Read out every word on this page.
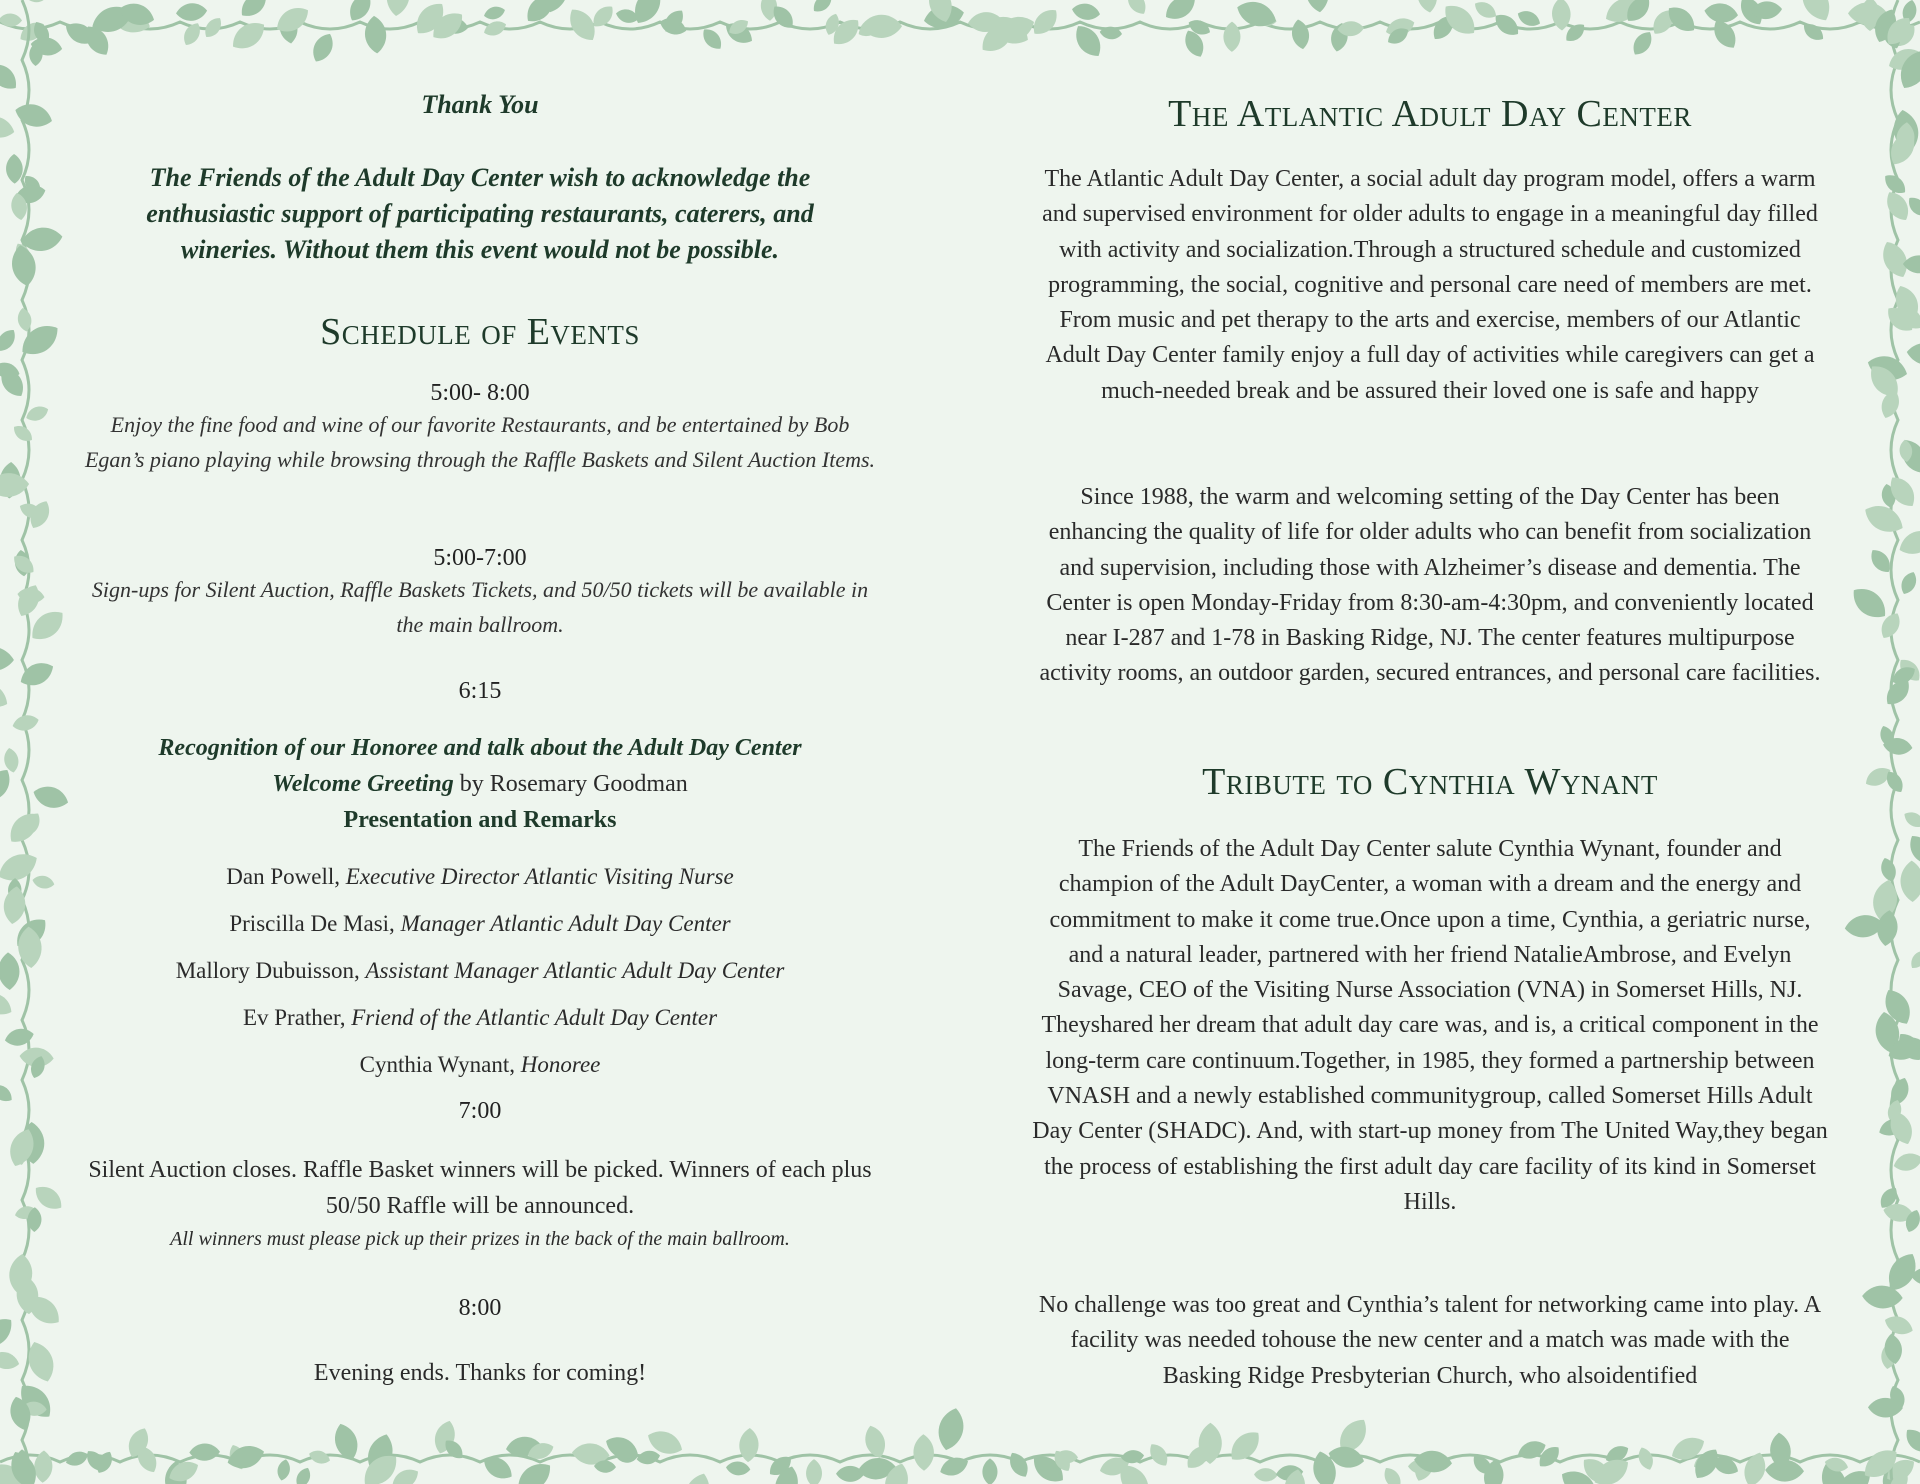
Thank You
The Friends of the Adult Day Center wish to acknowledge the enthusiastic support of participating restaurants, caterers, and wineries. Without them this event would not be possible.
Schedule of Events
5:00- 8:00
Enjoy the fine food and wine of our favorite Restaurants, and be entertained by Bob Egan’s piano playing while browsing through the Raffle Baskets and Silent Auction Items.
5:00-7:00
Sign-ups for Silent Auction, Raffle Baskets Tickets, and 50/50 tickets will be available in the main ballroom.
6:15
Recognition of our Honoree and talk about the Adult Day Center
Welcome Greeting by Rosemary Goodman
Presentation and Remarks
Dan Powell, Executive Director Atlantic Visiting Nurse
Priscilla De Masi, Manager Atlantic Adult Day Center
Mallory Dubuisson, Assistant Manager Atlantic Adult Day Center
Ev Prather, Friend of the Atlantic Adult Day Center
Cynthia Wynant, Honoree
7:00
Silent Auction closes. Raffle Basket winners will be picked. Winners of each plus 50/50 Raffle will be announced.
All winners must please pick up their prizes in the back of the main ballroom.
8:00
Evening ends. Thanks for coming!
The Atlantic Adult Day Center
The Atlantic Adult Day Center, a social adult day program model, offers a warm and supervised environment for older adults to engage in a meaningful day filled with activity and socialization.Through a structured schedule and customized programming, the social, cognitive and personal care need of members are met. From music and pet therapy to the arts and exercise, members of our Atlantic Adult Day Center family enjoy a full day of activities while caregivers can get a much-needed break and be assured their loved one is safe and happy
Since 1988, the warm and welcoming setting of the Day Center has been enhancing the quality of life for older adults who can benefit from socialization and supervision, including those with Alzheimer’s disease and dementia. The Center is open Monday-Friday from 8:30-am-4:30pm, and conveniently located near I-287 and 1-78 in Basking Ridge, NJ. The center features multipurpose activity rooms, an outdoor garden, secured entrances, and personal care facilities.
Tribute to Cynthia Wynant
The Friends of the Adult Day Center salute Cynthia Wynant, founder and champion of the Adult DayCenter, a woman with a dream and the energy and commitment to make it come true.Once upon a time, Cynthia, a geriatric nurse, and a natural leader, partnered with her friend NatalieAmbrose, and Evelyn Savage, CEO of the Visiting Nurse Association (VNA) in Somerset Hills, NJ. Theyshared her dream that adult day care was, and is, a critical component in the long-term care continuum.Together, in 1985, they formed a partnership between VNASH and a newly established communitygroup, called Somerset Hills Adult Day Center (SHADC). And, with start-up money from The United Way,they began the process of establishing the first adult day care facility of its kind in Somerset Hills.
No challenge was too great and Cynthia’s talent for networking came into play. A facility was needed tohouse the new center and a match was made with the Basking Ridge Presbyterian Church, who alsoidentified
